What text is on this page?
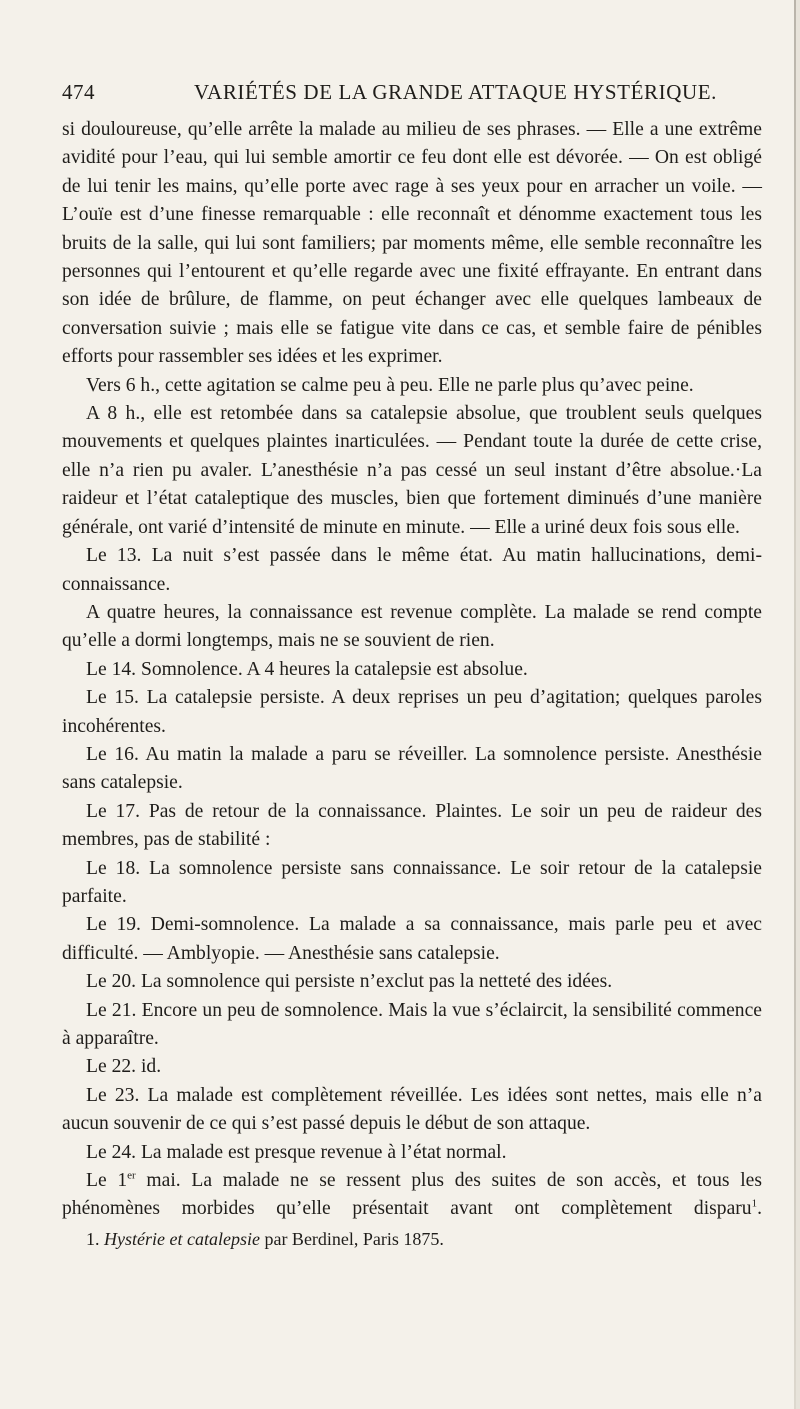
474	VARIÉTÉS DE LA GRANDE ATTAQUE HYSTÉRIQUE.

si douloureuse, qu’elle arrête la malade au milieu de ses phrases. — Elle a une extrême avidité pour l’eau, qui lui semble amortir ce feu dont elle est dévorée. — On est obligé de lui tenir les mains, qu’elle porte avec rage à ses yeux pour en arracher un voile. — L’ouïe est d’une finesse remarquable : elle reconnaît et dénomme exactement tous les bruits de la salle, qui lui sont familiers; par moments même, elle semble reconnaître les personnes qui l’entourent et qu’elle regarde avec une fixité effrayante. En entrant dans son idée de brûlure, de flamme, on peut échanger avec elle quelques lambeaux de conversation suivie ; mais elle se fatigue vite dans ce cas, et semble faire de pénibles efforts pour rassembler ses idées et les exprimer.

Vers 6 h., cette agitation se calme peu à peu. Elle ne parle plus qu’avec peine.

A 8 h., elle est retombée dans sa catalepsie absolue, que troublent seuls quelques mouvements et quelques plaintes inarticulées. — Pendant toute la durée de cette crise, elle n’a rien pu avaler. L’anesthésie n’a pas cessé un seul instant d’être absolue.·La raideur et l’état cataleptique des muscles, bien que fortement diminués d’une manière générale, ont varié d’intensité de minute en minute. — Elle a uriné deux fois sous elle.

Le 13. La nuit s’est passée dans le même état. Au matin hallucinations, demi-connaissance.

A quatre heures, la connaissance est revenue complète. La malade se rend compte qu’elle a dormi longtemps, mais ne se souvient de rien.

Le 14. Somnolence. A 4 heures la catalepsie est absolue.

Le 15. La catalepsie persiste. A deux reprises un peu d’agitation; quelques paroles incohérentes.

Le 16. Au matin la malade a paru se réveiller. La somnolence persiste. Anesthésie sans catalepsie.

Le 17. Pas de retour de la connaissance. Plaintes. Le soir un peu de raideur des membres, pas de stabilité :

Le 18. La somnolence persiste sans connaissance. Le soir retour de la catalepsie parfaite.

Le 19. Demi-somnolence. La malade a sa connaissance, mais parle peu et avec difficulté. — Amblyopie. — Anesthésie sans catalepsie.

Le 20. La somnolence qui persiste n’exclut pas la netteté des idées.

Le 21. Encore un peu de somnolence. Mais la vue s’éclaircit, la sensibilité commence à apparaître.

Le 22. id.

Le 23. La malade est complètement réveillée. Les idées sont nettes, mais elle n’a aucun souvenir de ce qui s’est passé depuis le début de son attaque.

Le 24. La malade est presque revenue à l’état normal.

Le 1er mai. La malade ne se ressent plus des suites de son accès, et tous les phénomènes morbides qu’elle présentait avant ont complètement disparu$^1$.

1. Hystérie et catalepsie par Berdinel, Paris 1875.
